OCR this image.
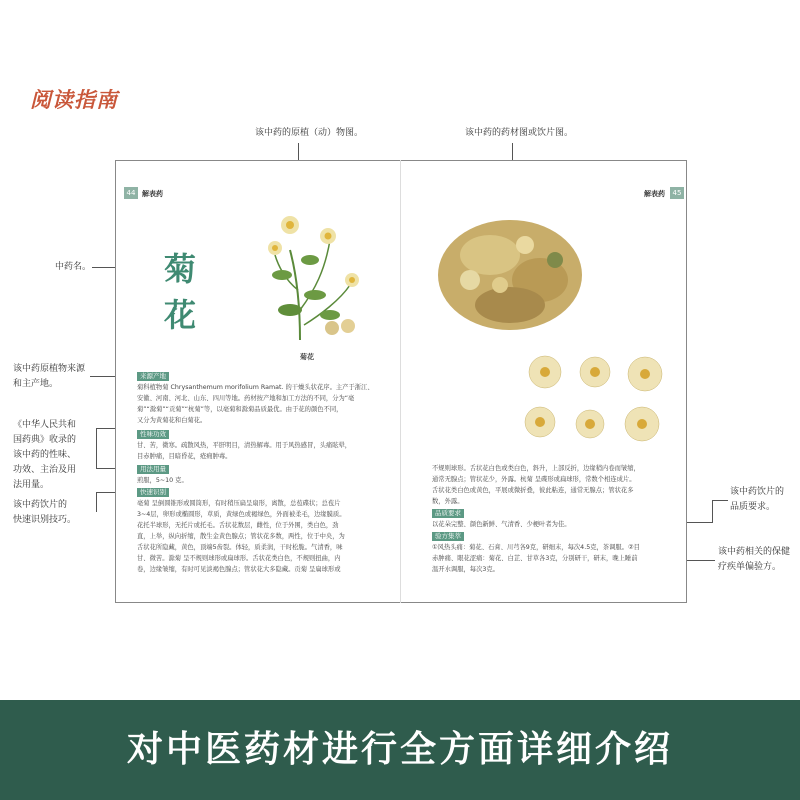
阅读指南
该中药的原植（动）物图。	该中药的药材图或饮片图。
中药名。
该中药原植物来源
和主产地。
《中华人民共和
国药典》收录的
该中药的性味、
功效、主治及用
法用量。
该中药饮片的
快速识别技巧。
该中药饮片的
品质要求。
该中药相关的保健
疗疾单偏验方。
44 解表药	45
解表药
菊
花
菊花
来源产地
菊科植物菊 Chrysanthemum morifolium Ramat. 的干燥头状花序。主产于浙江、
安徽、河南、河北、山东、四川等地。药材按产地和加工方法的不同，分为“亳
菊”“滁菊”“贡菊”“杭菊”等，以亳菊和滁菊品质最优。由于花的颜色不同，
又分为黄菊花和白菊花。
性味功效
甘、苦，微寒。疏散风热，平肝明目，清热解毒。用于风热感冒，头痛眩晕，
目赤肿痛，目暗昏花，疮痈肿毒。
用法用量
煎服，5~10 克。
快速识别
亳菊 呈倒圆锥形或圆筒形，有时稍压扁呈扇形，离散，总苞碟状；总苞片
3~4层，卵形或椭圆形，草质，黄绿色或褐绿色，外面被柔毛，边缘膜质。
花托半球形，无托片或托毛。舌状花数层，雌性，位于外围，类白色，劲
直，上举，纵向折缩，散生金黄色腺点；管状花多数，两性，位于中央，为
舌状花所隐藏，黄色，顶端5齿裂。体轻，质柔润，干时松脆。气清香，味
甘、微苦。滁菊 呈不规则球形或扁球形。舌状花类白色，不规则扭曲，内
卷，边缘皱缩，有时可见淡褐色腺点；管状花大多隐藏。贡菊 呈扁球形或
不规则球形。舌状花白色或类白色，斜升，上部反折，边缘稍内卷而皱缩，
通常无腺点；管状花少，外露。杭菊 呈碟形或扁球形，常数个相连成片。
舌状花类白色或黄色，平展或微折叠，彼此粘连，通常无腺点；管状花多
数，外露。
品质要求
以花朵完整、颜色新鲜、气清香、少梗叶者为佳。
验方集萃
①风热头痛：菊花、石膏、川芎各9克，研细末，每次4.5克，茶调服。②目
赤肿痛、眼花涩痛：菊花、白芷、甘草各3克，分别研干，研末，晚上睡前
温开水调服，每次3克。
对中医药材进行全方面详细介绍
